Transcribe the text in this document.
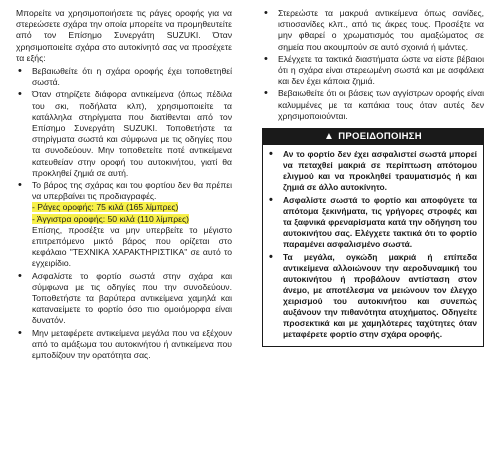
Μπορείτε να χρησιμοποιήσετε τις ράγες οροφής για να στερεώσετε σχάρα την οποία μπορείτε να προμηθευτείτε από τον Επίσημο Συνεργάτη SUZUKI. Όταν χρησιμοποιείτε σχάρα στο αυτοκίνητό σας να προσέχετε τα εξής:

• Βεβαιωθείτε ότι η σχάρα οροφής έχει τοποθετηθεί σωστά.
• Όταν στηρίζετε διάφορα αντικείμενα (όπως πέδιλα του σκι, ποδήλατα κλπ), χρησιμοποιείτε τα κατάλληλα στηρίγματα που διατίθενται από τον Επίσημο Συνεργάτη SUZUKI. Τοποθετήστε τα στηρίγματα σωστά και σύμφωνα με τις οδηγίες που τα συνοδεύουν. Μην τοποθετείτε ποτέ αντικείμενα κατευθείαν στην οροφή του αυτοκινήτου, γιατί θα προκληθεί ζημιά σε αυτή.
• Το βάρος της σχάρας και του φορτίου δεν θα πρέπει να υπερβαίνει τις προδιαγραφές.
- Ράγες οροφής: 75 κιλά (165 λίμπρες)
- Άγγιστρα οροφής: 50 κιλά (110 λίμπρες)
Επίσης, προσέξτε να μην υπερβείτε το μέγιστο επιτρεπόμενο μικτό βάρος που ορίζεται στο κεφάλαιο "ΤΕΧΝΙΚΑ ΧΑΡΑΚΤΗΡΙΣΤΙΚΑ" σε αυτό το εγχειρίδιο.
• Ασφαλίστε το φορτίο σωστά στην σχάρα και σύμφωνα με τις οδηγίες που την συνοδεύουν. Τοποθετήστε τα βαρύτερα αντικείμενα χαμηλά και καταναείμετε το φορτίο όσο πιο ομοιόμορφα είναι δυνατόν.
• Μην μεταφέρετε αντικείμενα μεγάλα που να εξέχουν από το αμάξωμα του αυτοκινήτου ή αντικείμενα που εμποδίζουν την ορατότητα σας.
• Στερεώστε τα μακρυά αντικείμενα όπως σανίδες, ιστιοσανίδες κλπ., από τις άκρες τους. Προσέξτε να μην φθαρεί ο χρωματισμός του αμαξώματος σε σημεία που ακουμπούν σε αυτό σχοινιά ή ιμάντες.
• Ελέγχετε τα τακτικά διαστήματα ώστε να είστε βέβαιοι ότι η σχάρα είναι στερεωμένη σωστά και με ασφάλεια και δεν έχει κάποια ζημιά.
• Βεβαιωθείτε ότι οι βάσεις των αγγίστρων οροφής είναι καλυμμένες με τα καπάκια τους όταν αυτές δεν χρησιμοποιούνται.
▲ ΠΡΟΕΙΔΟΠΟΙΗΣΗ
• Αν το φορτίο δεν έχει ασφαλιστεί σωστά μπορεί να πεταχθεί μακριά σε περίπτωση απότομου ελιγμού και να προκληθεί τραυματισμός ή και ζημιά σε άλλο αυτοκίνητο.
• Ασφαλίστε σωστά το φορτίο και αποφύγετε τα απότομα ξεκινήματα, τις γρήγορες στροφές και τα ξαφνικά φρεναρίσματα κατά την οδήγηση του αυτοκινήτου σας. Ελέγχετε τακτικά ότι το φορτίο παραμένει ασφαλισμένο σωστά.
• Τα μεγάλα, ογκώδη μακριά ή επίπεδα αντικείμενα αλλοιώνουν την αεροδυναμική του αυτοκινήτου ή προβάλουν αντίσταση στον άνεμο, με αποτέλεσμα να μειώνουν τον έλεγχο χειρισμού του αυτοκινήτου και συνεπώς αυξάνουν την πιθανότητα ατυχήματος. Οδηγείτε προσεκτικά και με χαμηλότερες ταχύτητες όταν μεταφέρετε φορτίο στην σχάρα οροφής.
